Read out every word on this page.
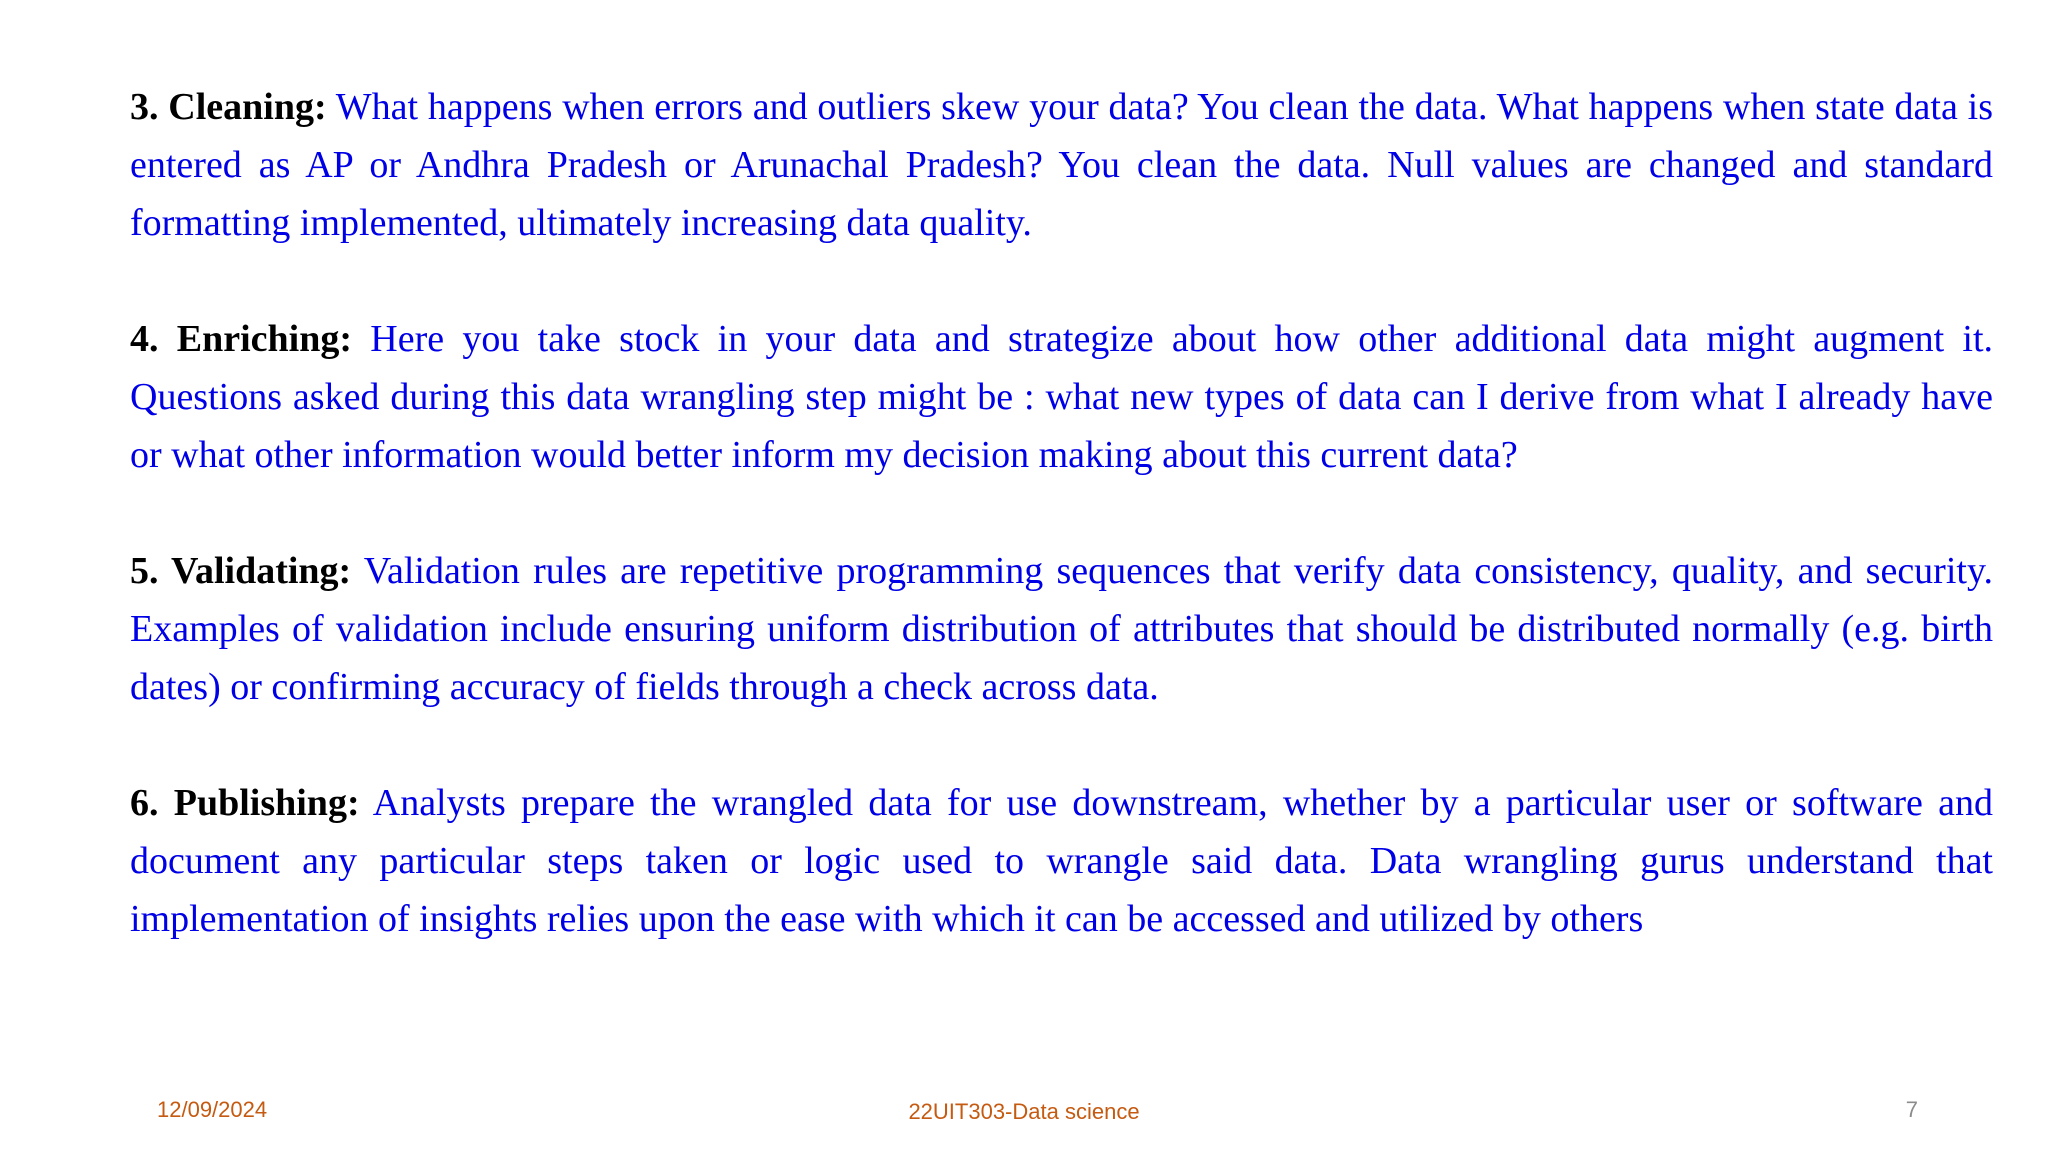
3. Cleaning: What happens when errors and outliers skew your data? You clean the data. What happens when state data is entered as AP or Andhra Pradesh or Arunachal Pradesh? You clean the data. Null values are changed and standard formatting implemented, ultimately increasing data quality.

4. Enriching: Here you take stock in your data and strategize about how other additional data might augment it. Questions asked during this data wrangling step might be : what new types of data can I derive from what I already have or what other information would better inform my decision making about this current data?

5. Validating: Validation rules are repetitive programming sequences that verify data consistency, quality, and security. Examples of validation include ensuring uniform distribution of attributes that should be distributed normally (e.g. birth dates) or confirming accuracy of fields through a check across data.

6. Publishing: Analysts prepare the wrangled data for use downstream, whether by a particular user or software and document any particular steps taken or logic used to wrangle said data. Data wrangling gurus understand that implementation of insights relies upon the ease with which it can be accessed and utilized by others

12/09/2024	22UIT303-Data science	7
